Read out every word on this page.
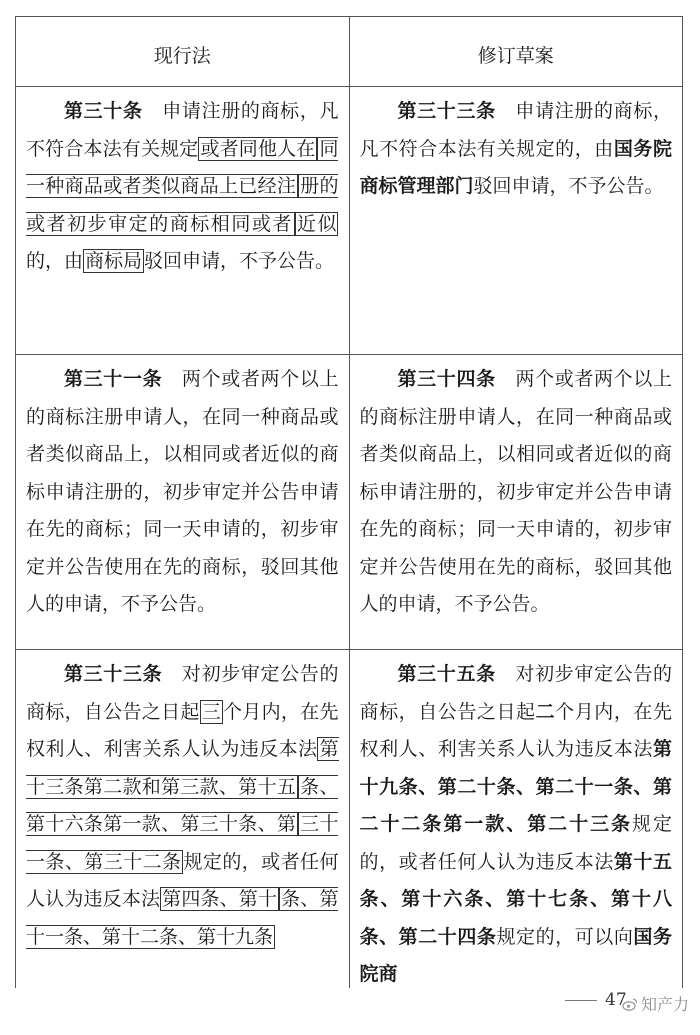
现行法	修订草案

第三十条　申请注册的商标，凡不符合本法有关规定 或者同他人在 同一种商品或者类似商品上已经注 册的或者初步审定的商标相同或者 近似的，由 商标局 驳回申请，不予公告。

第三十三条　申请注册的商标，凡不符合本法有关规定的，由国务院商标管理部门驳回申请，不予公告。

第三十一条　两个或者两个以上的商标注册申请人，在同一种商品或者类似商品上，以相同或者近似的商标申请注册的，初步审定并公告申请在先的商标；同一天申请的，初步审定并公告使用在先的商标，驳回其他人的申请，不予公告。

第三十四条　两个或者两个以上的商标注册申请人，在同一种商品或者类似商品上，以相同或者近似的商标申请注册的，初步审定并公告申请在先的商标；同一天申请的，初步审定并公告使用在先的商标，驳回其他人的申请，不予公告。

第三十三条　对初步审定公告的商标，自公告之日起 三 个月内，在先权利人、利害关系人认为违反本法 第十三条第二款和第三款、第十五 条、第十六条第一款、第三十条、第 三十一条、第三十二条 规定的，或者任何人认为违反本法 第四条、第十 条、第十一条、第十二条、第十九条

第三十五条　对初步审定公告的商标，自公告之日起二个月内，在先权利人、利害关系人认为违反本法第十九条、第二十条、第二十一条、第二十二条第一款、第二十三条规定的，或者任何人认为违反本法第十五条、第十六条、第十七条、第十八条、第二十四条规定的，可以向国务院商

47 知产力
